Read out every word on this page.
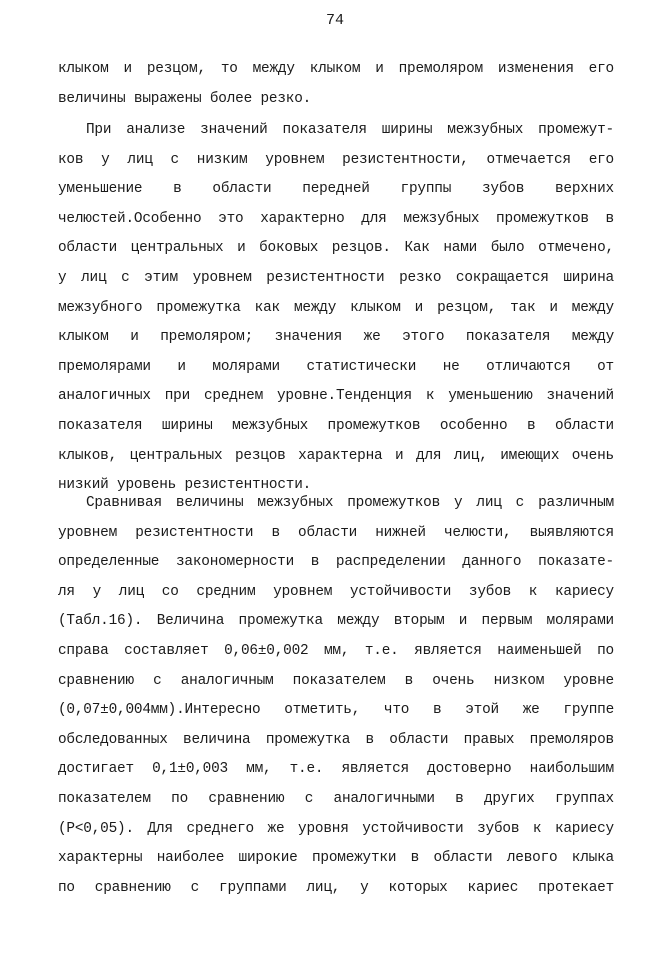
74
клыком и резцом, то между клыком и премоляром изменения его
величины выражены более резко.
При анализе значений показателя ширины межзубных промежут-
ков у лиц с низким уровнем резистентности, отмечается его
уменьшение в области передней группы зубов верхних
челюстей.Особенно это характерно для межзубных промежутков в
области центральных и боковых резцов. Как нами было отмечено,
у лиц с этим уровнем резистентности резко сокращается ширина
межзубного промежутка как между клыком и резцом, так и между
клыком и премоляром; значения же этого показателя между
премолярами и молярами статистически не отличаются от
аналогичных при среднем уровне.Тенденция к уменьшению значений
показателя ширины межзубных промежутков особенно в области
клыков, центральных резцов характерна и для лиц, имеющих очень
низкий уровень резистентности.
Сравнивая величины межзубных промежутков у лиц с различным
уровнем резистентности в области нижней челюсти, выявляются
определенные закономерности в распределении данного показате-
ля у лиц со средним уровнем устойчивости зубов к кариесу
(Табл.16). Величина промежутка между вторым и первым молярами
справа составляет 0,06±0,002 мм, т.е. является наименьшей по
сравнению с аналогичным показателем в очень низком уровне
(0,07±0,004мм).Интересно отметить, что в этой же группе
обследованных величина промежутка в области правых премоляров
достигает 0,1±0,003 мм, т.е. является достоверно наибольшим
показателем по сравнению с аналогичными в других группах
(Р<0,05). Для среднего же уровня устойчивости зубов к кариесу
характерны наиболее широкие промежутки в области левого клыка
по сравнению с группами лиц, у которых кариес протекает
